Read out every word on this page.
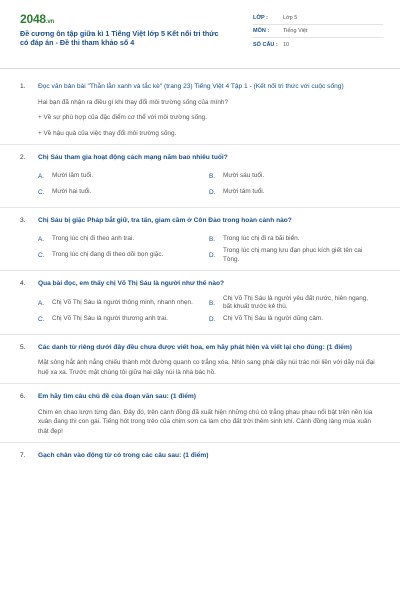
2048.vn
Đề cương ôn tập giữa kì 1 Tiếng Việt lớp 5 Kết nối tri thức có đáp án - Đề thi tham khảo số 4
LỚP :	Lớp 5
MÔN :	Tiếng Việt
SỐ CÂU : 10
1.	Đọc văn bản bài "Thằn lằn xanh và tắc kè" (trang 23) Tiếng Việt 4 Tập 1 - (Kết nối tri thức với cuộc sống)
Hai bạn đã nhận ra điều gì khi thay đổi môi trường sống của mình?
+ Về sự phù hợp của đặc điểm cơ thể với môi trường sống.
+ Về hậu quả của việc thay đổi môi trường sống.
2.	Chị Sáu tham gia hoạt động cách mạng năm bao nhiêu tuổi?
A.	Mười lăm tuổi.	B.	Mười sáu tuổi.
C.	Mười hai tuổi.	D.	Mười tám tuổi.
3.	Chị Sáu bị giặc Pháp bắt giữ, tra tấn, giam cầm ở Côn Đảo trong hoàn cảnh nào?
A.	Trong lúc chị đi theo anh trai.	B.	Trong lúc chị đi ra bãi biển.
C.	Trong lúc chị đang đi theo dõi bọn giặc.	D.
Trong lúc chị mang lựu đạn phục kích giết tên cai Tòng.
4.	Qua bài đọc, em thấy chị Võ Thị Sáu là người như thế nào?
A.	Chị Võ Thị Sáu là người thông minh, nhanh nhẹn.	B.
Chị Võ Thị Sáu là người yêu đất nước, hiên ngang, bất khuất trước kẻ thù.
C.	Chị Võ Thị Sáu là người thương anh trai.	D.	Chị Võ Thị Sáu là người dũng cảm.
5.	Các danh từ riêng dưới đây đều chưa được viết hoa, em hãy phát hiện và viết lại cho đúng: (1 điểm)
Mặt sông hắt ánh nắng chiếu thành một đường quanh co trắng xóa. Nhìn sang phải dãy núi trác nói liền với dãy núi đại huệ xa xa. Trước mặt chúng tôi giữa hai dãy núi là nhà bác hồ.
6.	Em hãy tìm câu chủ đề của đoạn văn sau: (1 điểm)
Chim én chao lượn từng đàn. Đây đó, trên cành đồng đã xuất hiện những chú cò trắng phau phau nổi bật trên nền lúa xuân đang thì con gái. Tiếng hót trong trẻo của chim sơn ca làm cho đất trời thêm sinh khí. Cánh đồng làng mùa xuân thật đẹp!
7.	Gạch chân vào động từ có trong các câu sau: (1 điểm)
